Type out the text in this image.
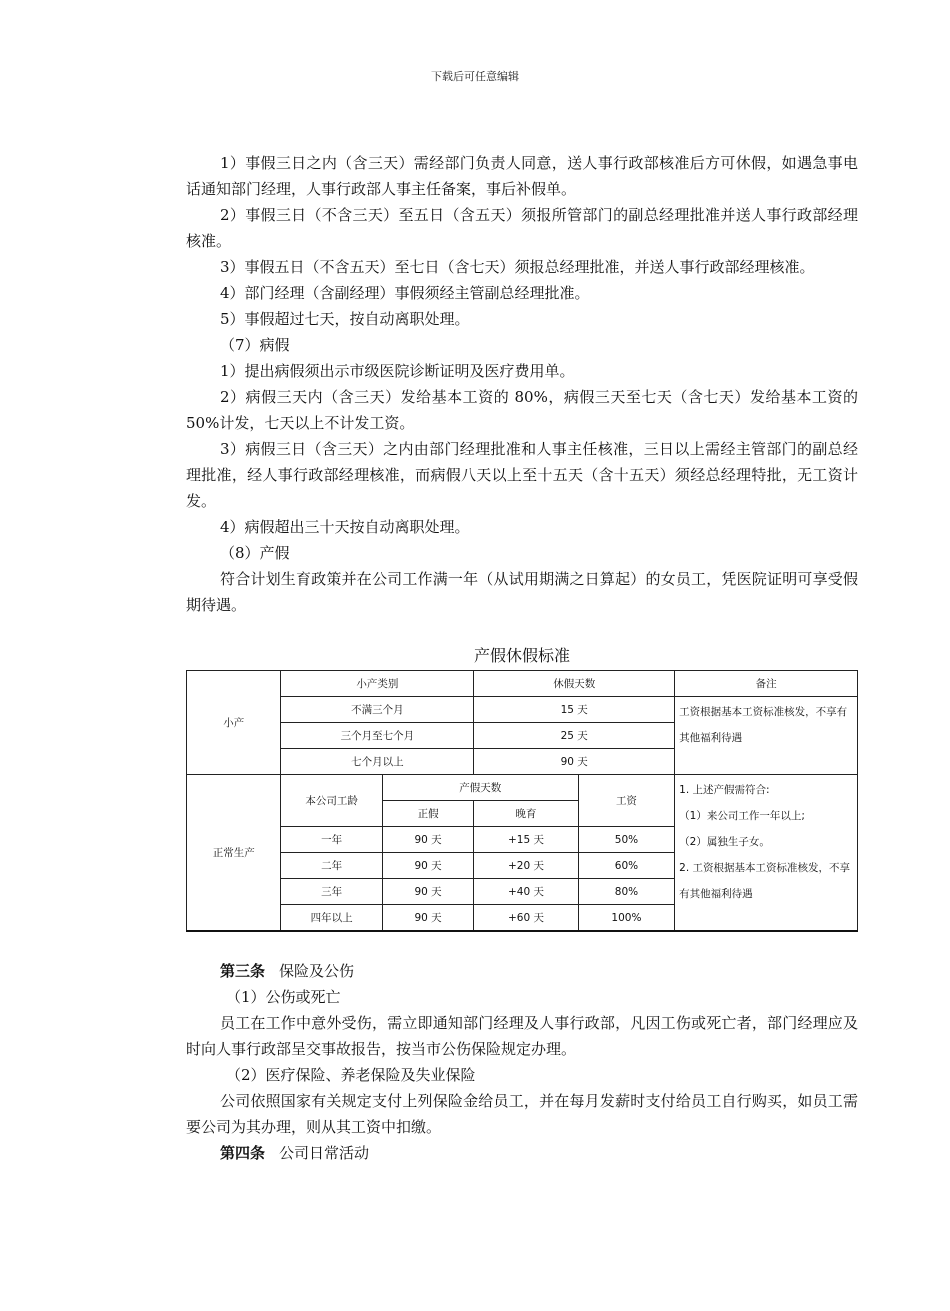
下载后可任意编辑

1）事假三日之内（含三天）需经部门负责人同意，送人事行政部核准后方可休假，如遇急事电话通知部门经理，人事行政部人事主任备案，事后补假单。

2）事假三日（不含三天）至五日（含五天）须报所管部门的副总经理批准并送人事行政部经理核准。

3）事假五日（不含五天）至七日（含七天）须报总经理批准，并送人事行政部经理核准。

4）部门经理（含副经理）事假须经主管副总经理批准。

5）事假超过七天，按自动离职处理。

（7）病假

1）提出病假须出示市级医院诊断证明及医疗费用单。

2）病假三天内（含三天）发给基本工资的 80%，病假三天至七天（含七天）发给基本工资的 50%计发，七天以上不计发工资。

3）病假三日（含三天）之内由部门经理批准和人事主任核准，三日以上需经主管部门的副总经理批准，经人事行政部经理核准，而病假八天以上至十五天（含十五天）须经总经理特批，无工资计发。

4）病假超出三十天按自动离职处理。

（8）产假

符合计划生育政策并在公司工作满一年（从试用期满之日算起）的女员工，凭医院证明可享受假期待遇。

产假休假标准
小产	小产类别		休假天数		备注
	不满三个月		15 天		工资根据基本工资标准核发，不享有其他福利待遇
	三个月至七个月		25 天		
	七个月以上		90 天		
正常生产	本公司工龄	产假天数		工资	1. 上述产假需符合:
（1）来公司工作一年以上;
（2）属独生子女。
2. 工资根据基本工资标准核发，不享有其他福利待遇

		正假	晚育		
	一年	90 天	+15 天	50%	
	二年	90 天	+20 天	60%	
	三年	90 天	+40 天	80%	
	四年以上	90 天	+60 天	100%	

第三条 保险及公伤

（1）公伤或死亡

员工在工作中意外受伤，需立即通知部门经理及人事行政部，凡因工伤或死亡者，部门经理应及时向人事行政部呈交事故报告，按当市公伤保险规定办理。

（2）医疗保险、养老保险及失业保险

公司依照国家有关规定支付上列保险金给员工，并在每月发薪时支付给员工自行购买，如员工需要公司为其办理，则从其工资中扣缴。

第四条 公司日常活动
